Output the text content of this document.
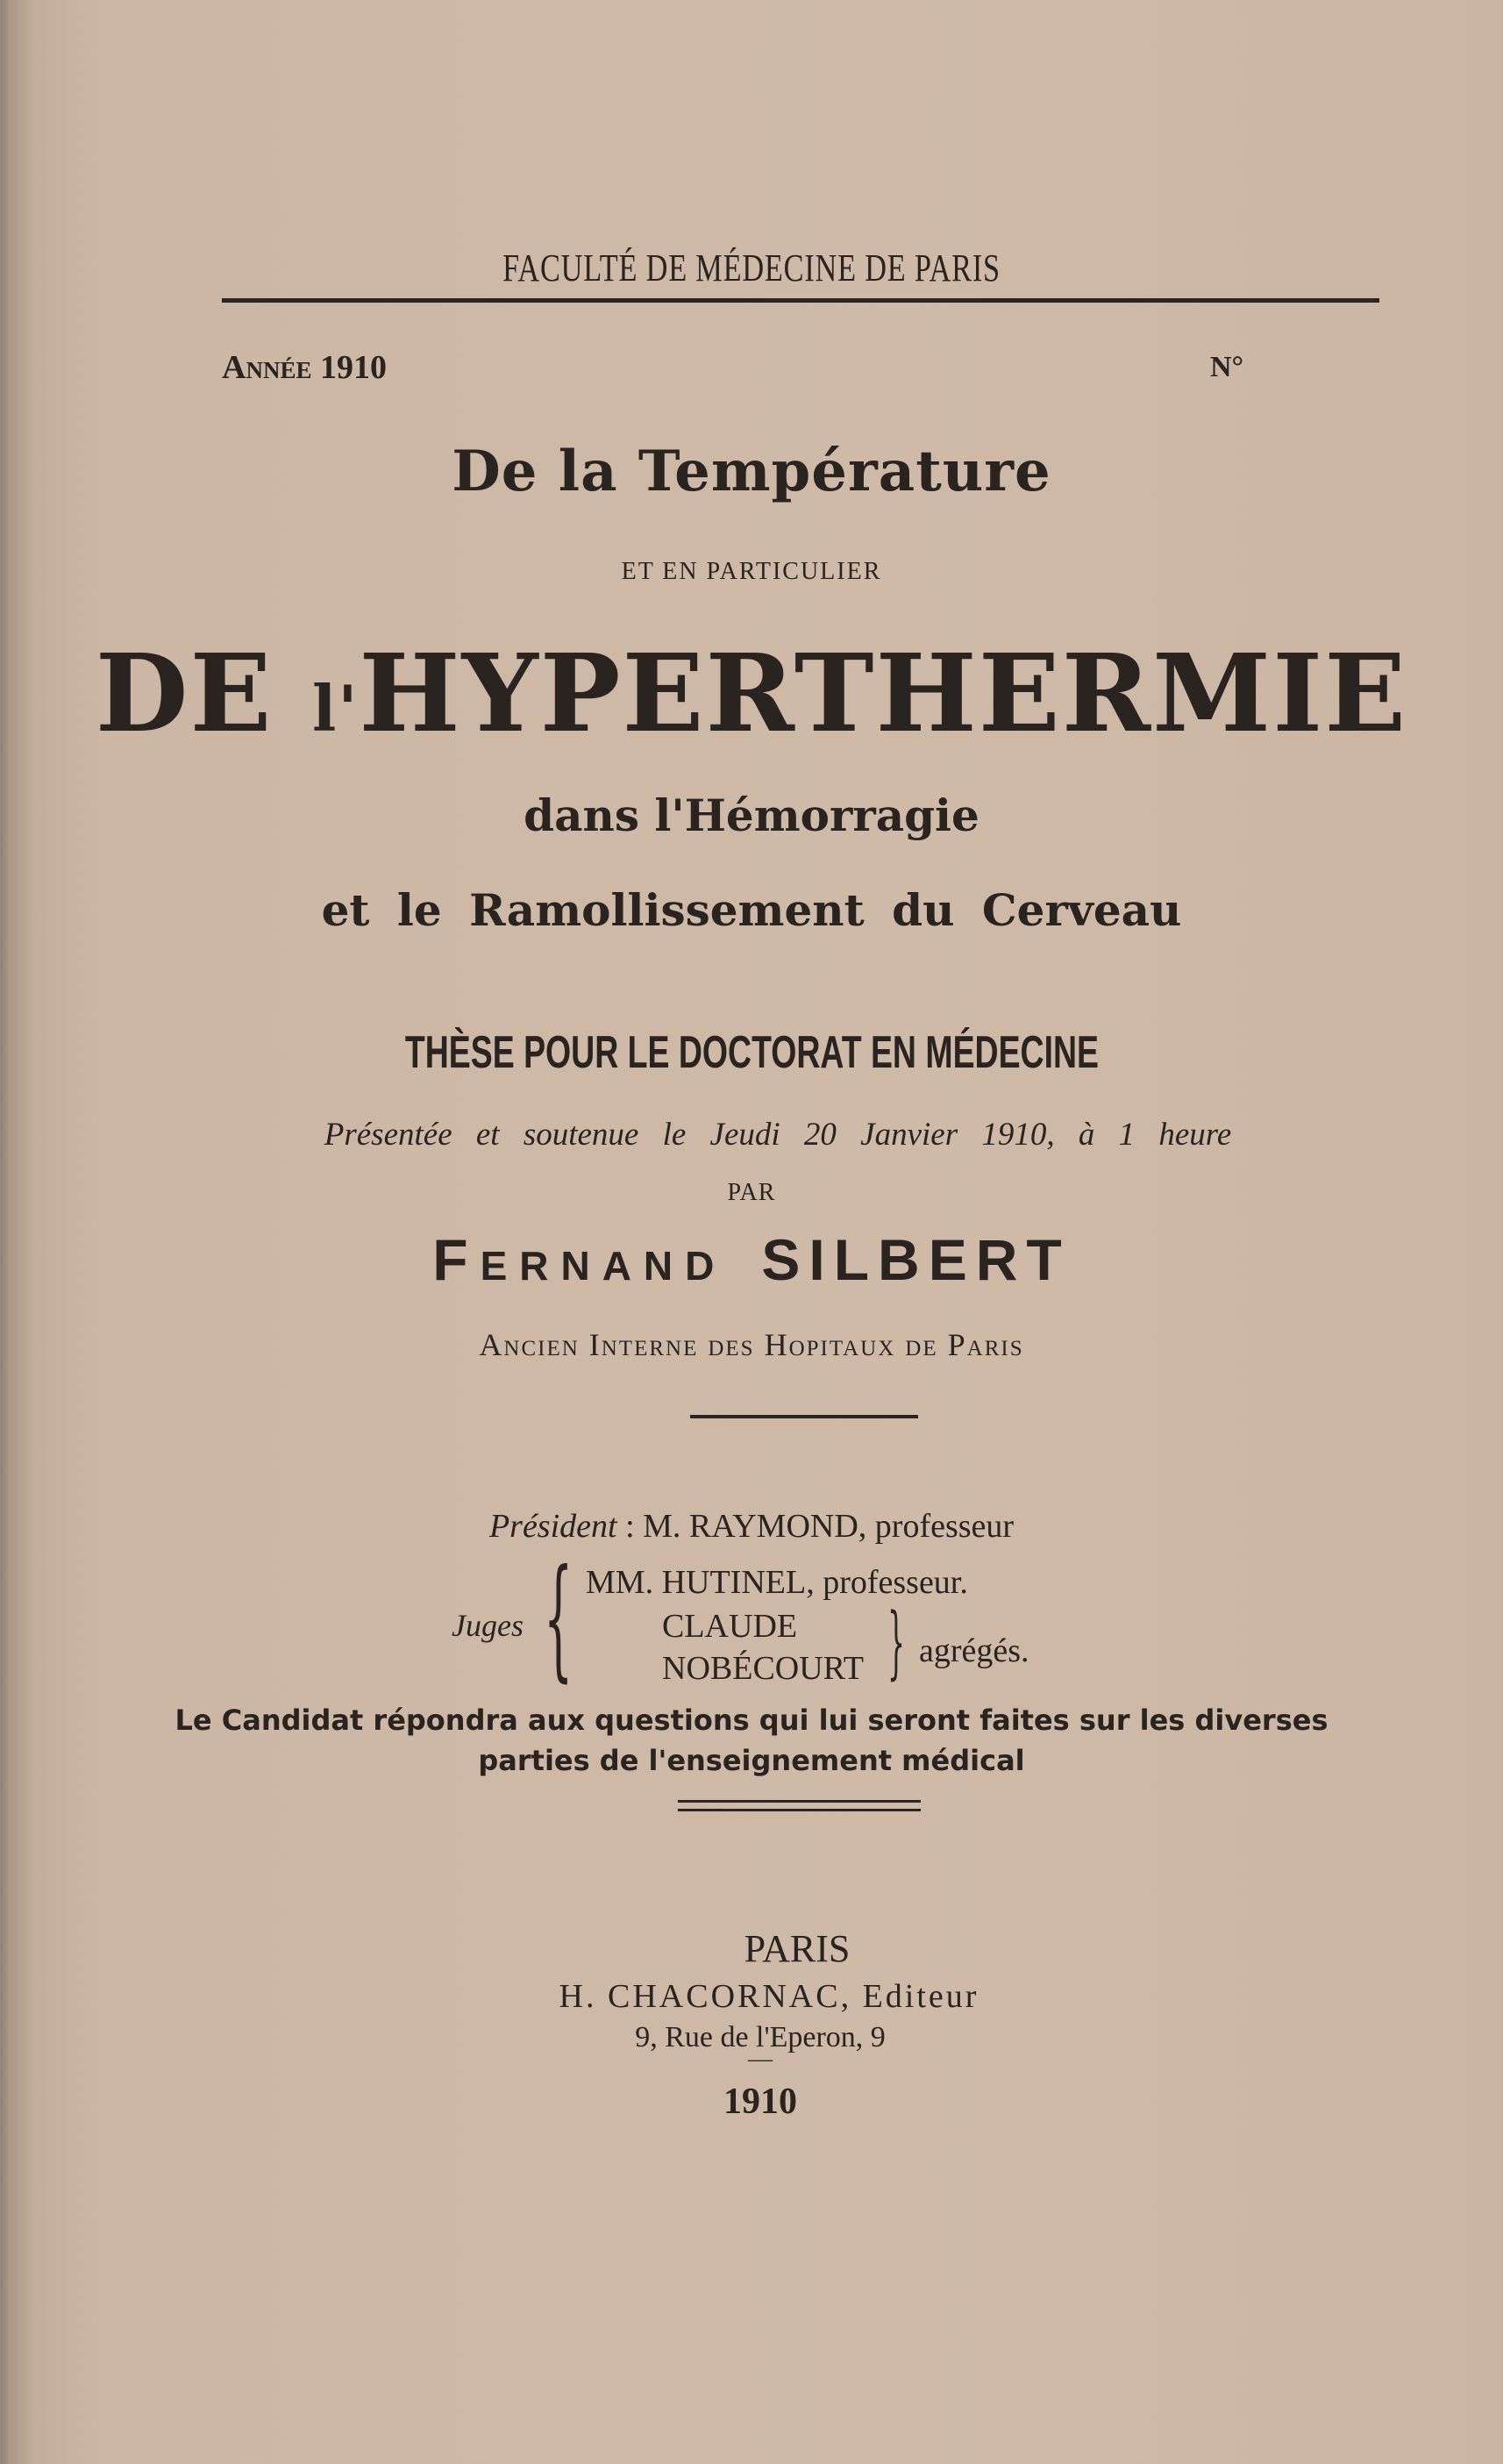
FACULTÉ DE MÉDECINE DE PARIS
Année 1910	N°
De la Température
ET EN PARTICULIER
DE l'HYPERTHERMIE
dans l'Hémorragie
et le Ramollissement du Cerveau
THÈSE POUR LE DOCTORAT EN MÉDECINE
Présentée et soutenue le Jeudi 20 Janvier 1910, à 1 heure
PAR
Fernand SILBERT
Ancien Interne des Hopitaux de Paris
Président : M. RAYMOND, professeur
Juges { MM. HUTINEL, professeur.
CLAUDE
NOBÉCOURT } agrégés.
Le Candidat répondra aux questions qui lui seront faites sur les diverses
parties de l'enseignement médical
PARIS
H. CHACORNAC, Editeur
9, Rue de l'Eperon, 9
—
1910
